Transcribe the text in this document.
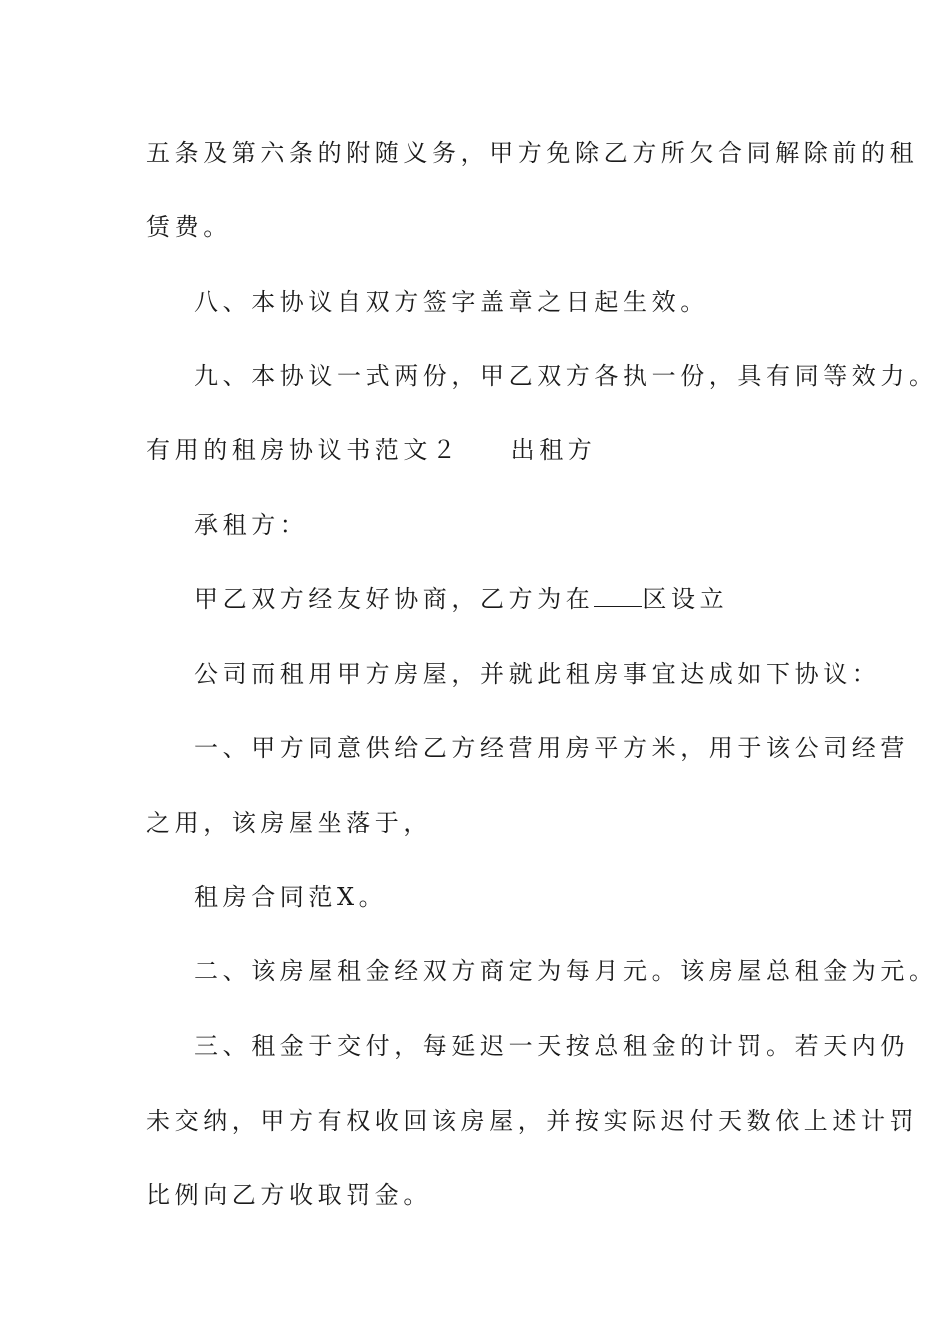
五条及第六条的附随义务，甲方免除乙方所欠合同解除前的租
赁费。
八、本协议自双方签字盖章之日起生效。
九、本协议一式两份，甲乙双方各执一份，具有同等效力。
有用的租房协议书范文２ 出租方
承租方：
甲乙双方经友好协商，乙方为在 区设立
公司而租用甲方房屋，并就此租房事宜达成如下协议：
一、甲方同意供给乙方经营用房平方米，用于该公司经营
之用，该房屋坐落于，
租房合同范X。
二、该房屋租金经双方商定为每月元。该房屋总租金为元。
三、租金于交付，每延迟一天按总租金的计罚。若天内仍
未交纳，甲方有权收回该房屋，并按实际迟付天数依上述计罚
比例向乙方收取罚金。
